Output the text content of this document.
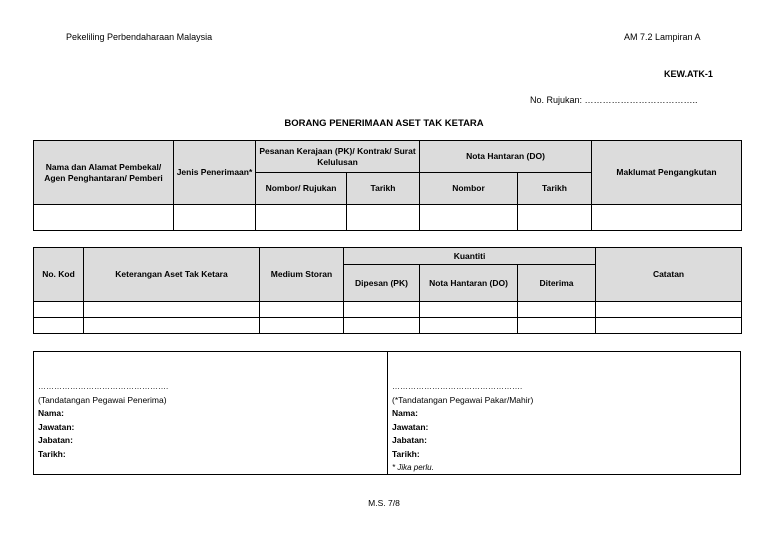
Pekeliling Perbendaharaan Malaysia	AM 7.2 Lampiran A
KEW.ATK-1
No. Rujukan: ………………………………..
BORANG PENERIMAAN ASET TAK KETARA
Nama dan Alamat Pembekal/ Agen Penghantaran/ Pemberi	Jenis Penerimaan*	Pesanan Kerajaan (PK)/ Kontrak/ Surat Kelulusan		Nota Hantaran (DO)		Maklumat Pengangkutan
		Nombor/ Rujukan	Tarikh	Nombor	Tarikh	

No. Kod	Keterangan Aset Tak Ketara	Medium Storan	Kuantiti			Catatan
			Dipesan (PK)	Nota Hantaran (DO)	Diterima	

………………………………………….
(Tandatangan Pegawai Penerima)
Nama:
Jawatan:
Jabatan:
Tarikh:
………………………………………….
(*Tandatangan Pegawai Pakar/Mahir)
Nama:
Jawatan:
Jabatan:
Tarikh:
* Jika perlu.
M.S. 7/8
